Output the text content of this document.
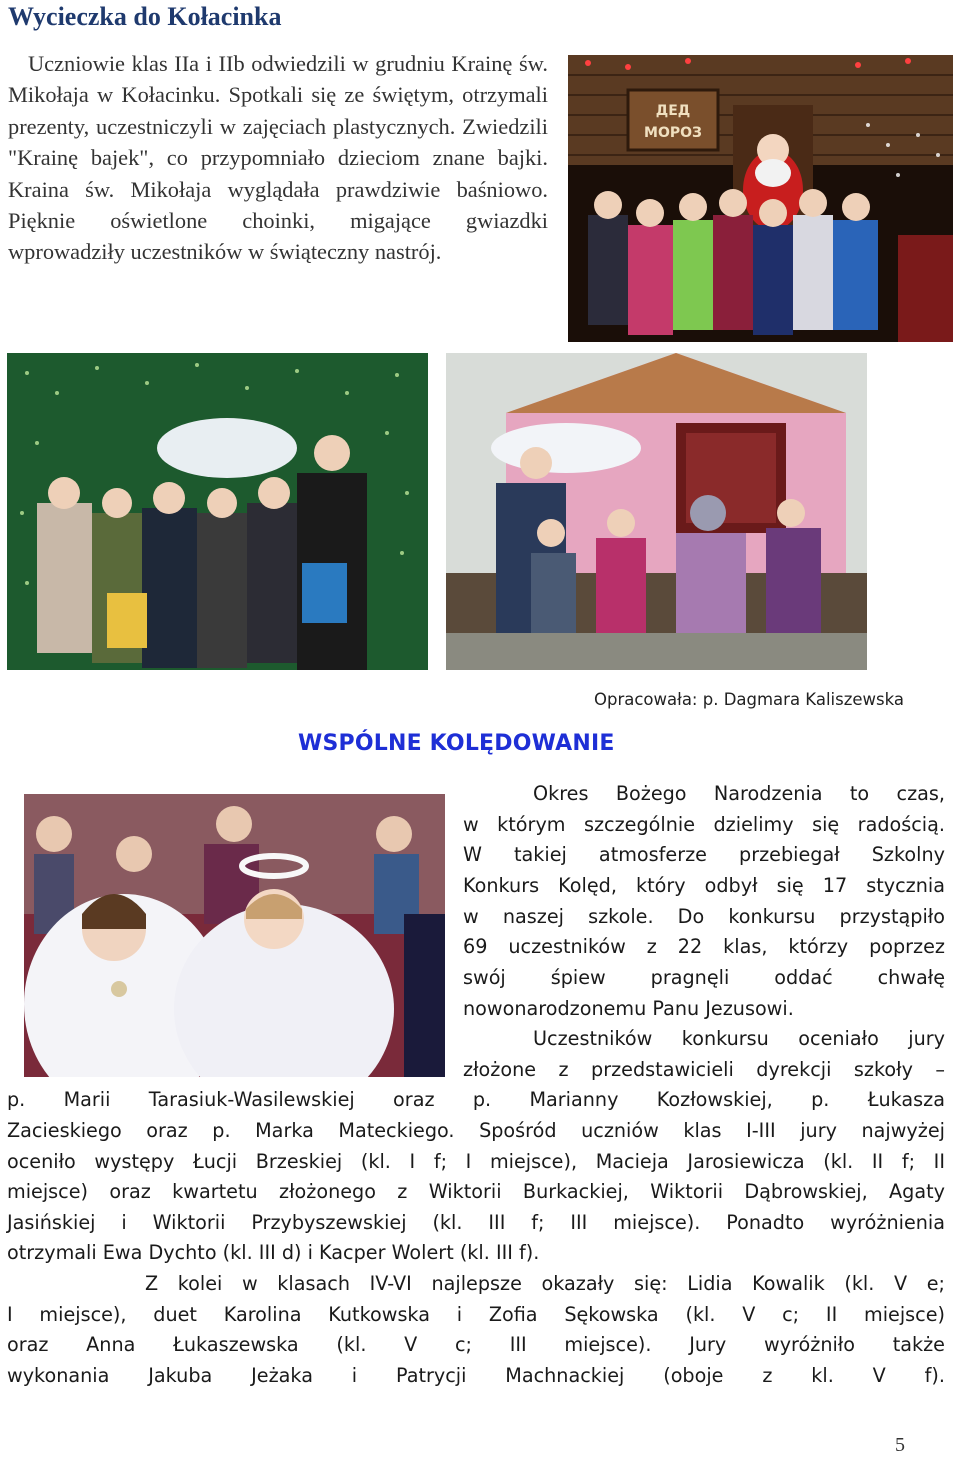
Wycieczka do Kołacinka
Uczniowie klas IIa i IIb odwiedzili w grudniu Krainę św. Mikołaja w Kołacinku. Spotkali się ze świętym, otrzymali prezenty, uczestniczyli w zajęciach plastycznych. Zwiedzili "Krainę bajek", co przypomniało dzieciom znane bajki. Kraina św. Mikołaja wyglądała prawdziwie baśniowo. Pięknie oświetlone choinki, migające gwiazdki wprowadziły uczestników w świąteczny nastrój.
ДЕД
МОРОЗ
Opracowała: p. Dagmara Kaliszewska
WSPÓLNE KOLĘDOWANIE
Okres Bożego Narodzenia to czas,
w którym szczególnie dzielimy się radością.
W takiej atmosferze przebiegał Szkolny
Konkurs Kolęd, który odbył się 17 stycznia
w naszej szkole. Do konkursu przystąpiło
69 uczestników z 22 klas, którzy poprzez
swój śpiew pragnęli oddać chwałę
nowonarodzonemu Panu Jezusowi.
Uczestników konkursu oceniało jury
złożone z przedstawicieli dyrekcji szkoły –
p. Marii Tarasiuk-Wasilewskiej oraz p. Marianny Kozłowskiej, p. Łukasza
Zacieskiego oraz p. Marka Mateckiego. Spośród uczniów klas I-III jury najwyżej
oceniło występy Łucji Brzeskiej (kl. I f; I miejsce), Macieja Jarosiewicza (kl. II f; II
miejsce) oraz kwartetu złożonego z Wiktorii Burkackiej, Wiktorii Dąbrowskiej, Agaty
Jasińskiej i Wiktorii Przybyszewskiej (kl. III f; III miejsce). Ponadto wyróżnienia
otrzymali Ewa Dychto (kl. III d) i Kacper Wolert (kl. III f).
Z kolei w klasach IV-VI najlepsze okazały się: Lidia Kowalik (kl. V e;
I miejsce), duet Karolina Kutkowska i Zofia Sękowska (kl. V c; II miejsce)
oraz Anna Łukaszewska (kl. V c; III miejsce). Jury wyróżniło także
wykonania Jakuba Jeżaka i Patrycji Machnackiej (oboje z kl. V f).
5
